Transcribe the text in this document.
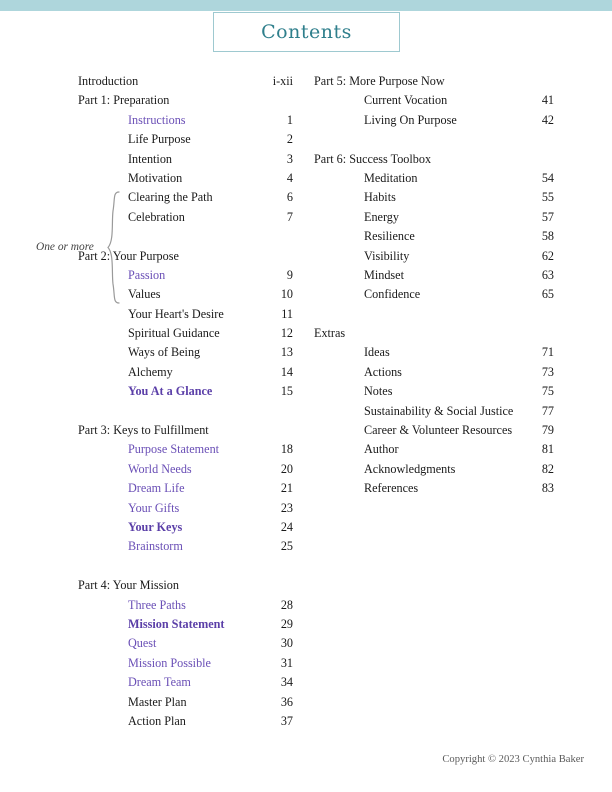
Contents
Introduction	i-xii
Part 1: Preparation
Instructions	1
Life Purpose	2
Intention	3
Motivation	4
Clearing the Path	6
Celebration	7
Part 2: Your Purpose
Passion	9
Values	10
Your Heart's Desire	11
Spiritual Guidance	12
Ways of Being	13
Alchemy	14
You At a Glance	15
Part 3: Keys to Fulfillment
Purpose Statement	18
World Needs	20
Dream Life	21
Your Gifts	23
Your Keys	24
Brainstorm	25
Part 4: Your Mission
Three Paths	28
Mission Statement	29
Quest	30
Mission Possible	31
Dream Team	34
Master Plan	36
Action Plan	37
Part 5: More Purpose Now
Current Vocation	41
Living On Purpose	42
Part 6: Success Toolbox
Meditation	54
Habits	55
Energy	57
Resilience	58
Visibility	62
Mindset	63
Confidence	65
Extras
Ideas	71
Actions	73
Notes	75
Sustainability & Social Justice	77
Career & Volunteer Resources	79
Author	81
Acknowledgments	82
References	83
One or more
Copyright © 2023 Cynthia Baker
